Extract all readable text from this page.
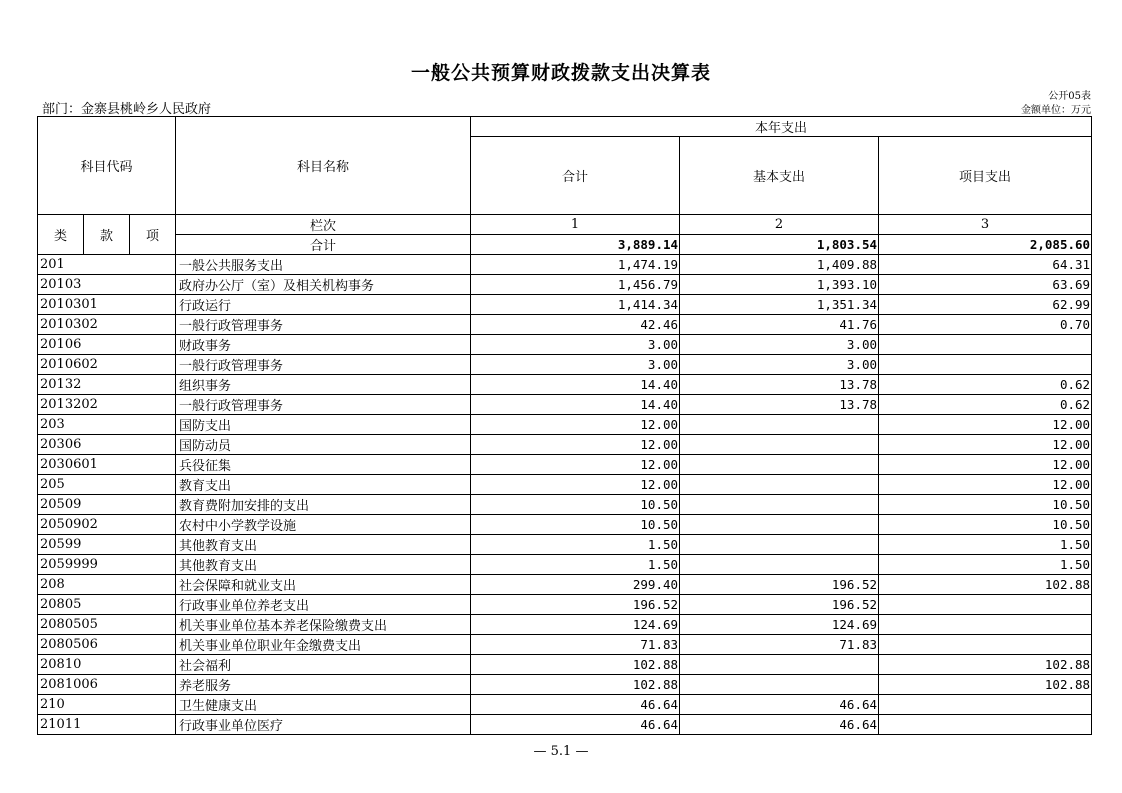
一般公共预算财政拨款支出决算表
公开05表
金额单位：万元
部门：金寨县桃岭乡人民政府
科目代码			科目名称	本年支出		
				合计	基本支出	项目支出
类	款	项	栏次	1	2	3
			合计	3,889.14	1,803.54	2,085.60
201			一般公共服务支出	1,474.19	1,409.88	64.31
20103			政府办公厅（室）及相关机构事务	1,456.79	1,393.10	63.69
2010301			行政运行	1,414.34	1,351.34	62.99
2010302			一般行政管理事务	42.46	41.76	0.70
20106			财政事务	3.00	3.00	
2010602			一般行政管理事务	3.00	3.00	
20132			组织事务	14.40	13.78	0.62
2013202			一般行政管理事务	14.40	13.78	0.62
203			国防支出	12.00		12.00
20306			国防动员	12.00		12.00
2030601			兵役征集	12.00		12.00
205			教育支出	12.00		12.00
20509			教育费附加安排的支出	10.50		10.50
2050902			农村中小学教学设施	10.50		10.50
20599			其他教育支出	1.50		1.50
2059999			其他教育支出	1.50		1.50
208			社会保障和就业支出	299.40	196.52	102.88
20805			行政事业单位养老支出	196.52	196.52	
2080505			机关事业单位基本养老保险缴费支出	124.69	124.69	
2080506			机关事业单位职业年金缴费支出	71.83	71.83	
20810			社会福利	102.88		102.88
2081006			养老服务	102.88		102.88
210			卫生健康支出	46.64	46.64	
21011			行政事业单位医疗	46.64	46.64	
— 5.1 —
